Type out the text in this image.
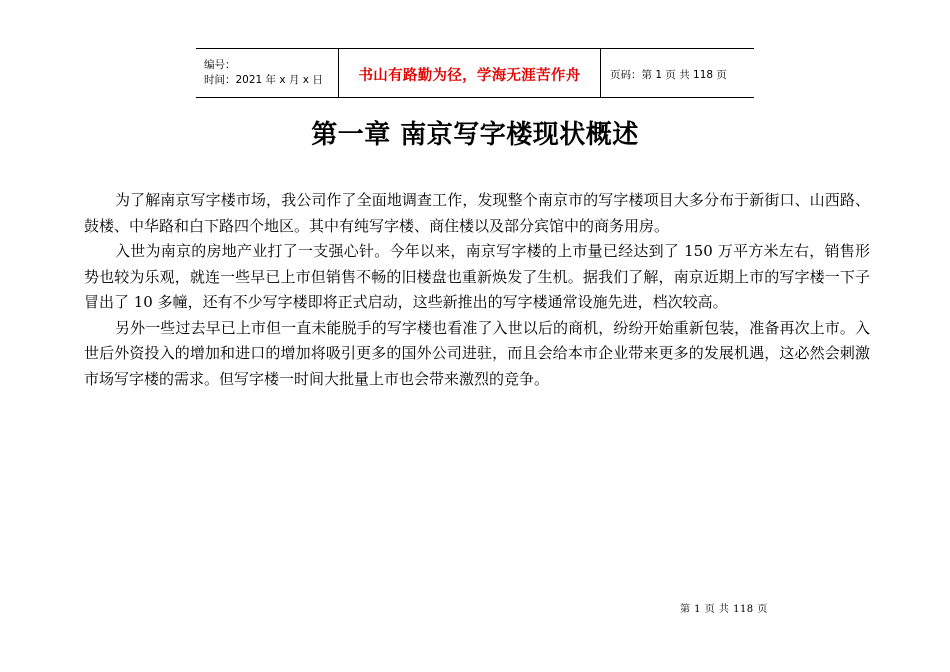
编号：
时间：2021 年 x 月 x 日	书山有路勤为径，学海无涯苦作舟	页码：第 1 页 共 118 页
第一章 南京写字楼现状概述

为了解南京写字楼市场，我公司作了全面地调查工作，发现整个南京市的写字楼项目大多分布于新街口、山西路、鼓楼、中华路和白下路四个地区。其中有纯写字楼、商住楼以及部分宾馆中的商务用房。

入世为南京的房地产业打了一支强心针。今年以来，南京写字楼的上市量已经达到了 150 万平方米左右，销售形势也较为乐观，就连一些早已上市但销售不畅的旧楼盘也重新焕发了生机。据我们了解，南京近期上市的写字楼一下子冒出了 10 多幢，还有不少写字楼即将正式启动，这些新推出的写字楼通常设施先进，档次较高。

另外一些过去早已上市但一直未能脱手的写字楼也看准了入世以后的商机，纷纷开始重新包装，准备再次上市。入世后外资投入的增加和进口的增加将吸引更多的国外公司进驻，而且会给本市企业带来更多的发展机遇，这必然会刺激市场写字楼的需求。但写字楼一时间大批量上市也会带来激烈的竞争。

第 1 页 共 118 页
